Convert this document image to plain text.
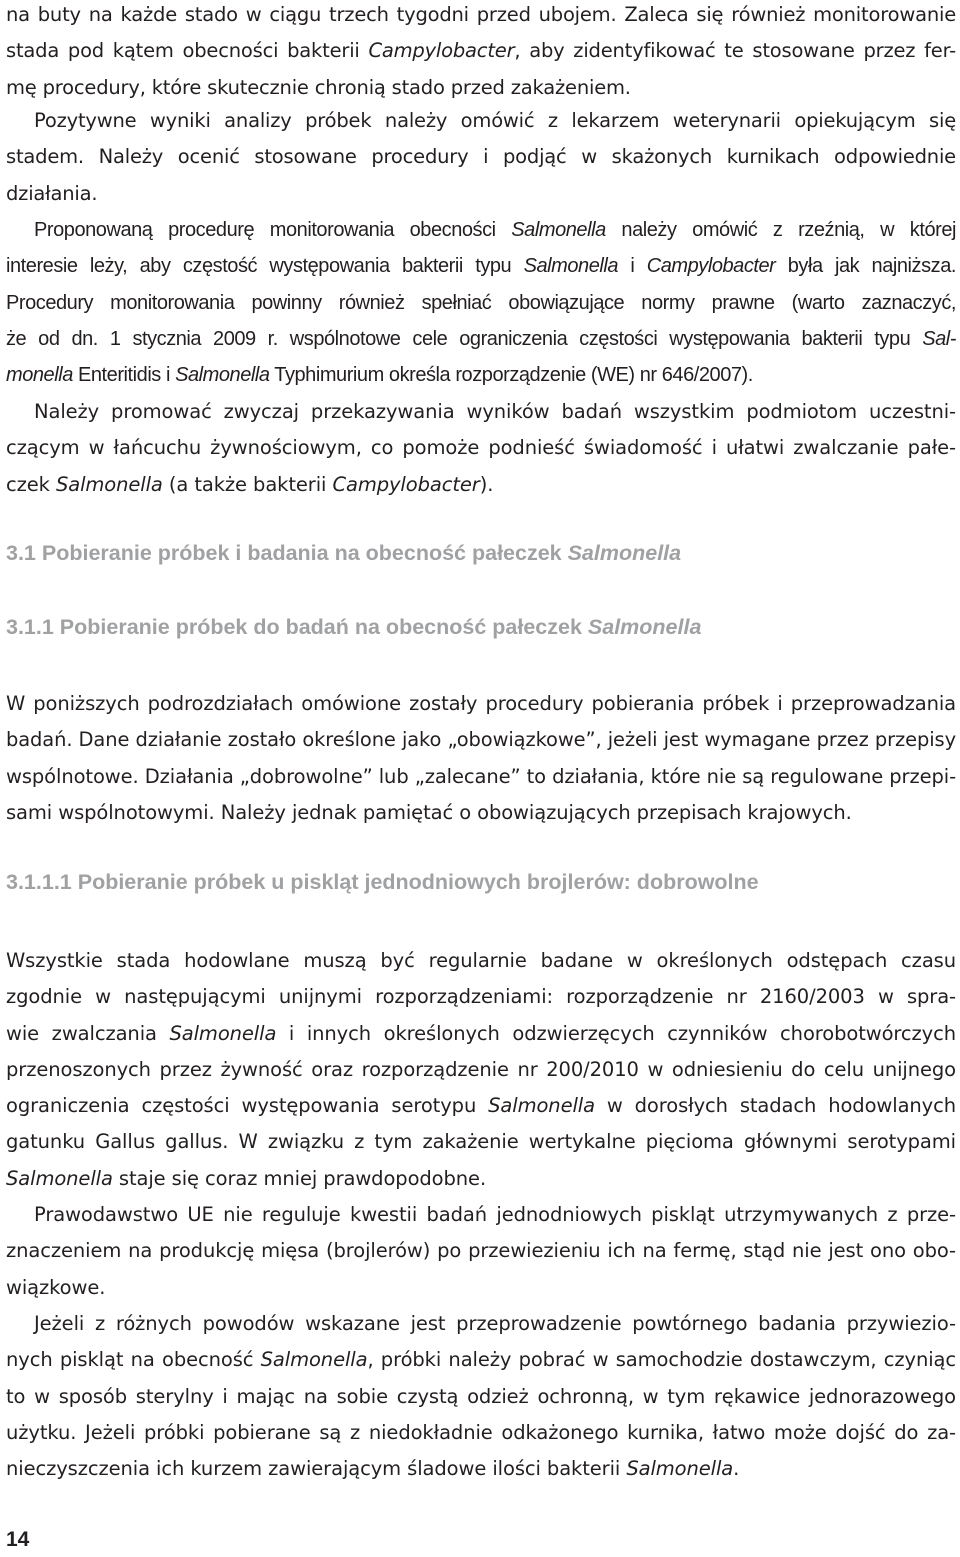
na buty na każde stado w ciągu trzech tygodni przed ubojem. Zaleca się również monitorowanie
stada pod kątem obecności bakterii Campylobacter, aby zidentyfikować te stosowane przez fer-
mę procedury, które skutecznie chronią stado przed zakażeniem.
Pozytywne wyniki analizy próbek należy omówić z lekarzem weterynarii opiekującym się
stadem. Należy ocenić stosowane procedury i podjąć w skażonych kurnikach odpowiednie
działania.
Proponowaną procedurę monitorowania obecności Salmonella należy omówić z rzeźnią, w której
interesie leży, aby częstość występowania bakterii typu Salmonella i Campylobacter była jak najniższa.
Procedury monitorowania powinny również spełniać obowiązujące normy prawne (warto zaznaczyć,
że od dn. 1 stycznia 2009 r. wspólnotowe cele ograniczenia częstości występowania bakterii typu Sal-
monella Enteritidis i Salmonella Typhimurium określa rozporządzenie (WE) nr 646/2007).
Należy promować zwyczaj przekazywania wyników badań wszystkim podmiotom uczestni-
czącym w łańcuchu żywnościowym, co pomoże podnieść świadomość i ułatwi zwalczanie pałe-
czek Salmonella (a także bakterii Campylobacter).
3.1 Pobieranie próbek i badania na obecność pałeczek Salmonella
3.1.1 Pobieranie próbek do badań na obecność pałeczek Salmonella
W poniższych podrozdziałach omówione zostały procedury pobierania próbek i przeprowadzania
badań. Dane działanie zostało określone jako „obowiązkowe”, jeżeli jest wymagane przez przepisy
wspólnotowe. Działania „dobrowolne” lub „zalecane” to działania, które nie są regulowane przepi-
sami wspólnotowymi. Należy jednak pamiętać o obowiązujących przepisach krajowych.
3.1.1.1 Pobieranie próbek u piskląt jednodniowych brojlerów: dobrowolne
Wszystkie stada hodowlane muszą być regularnie badane w określonych odstępach czasu
zgodnie w następującymi unijnymi rozporządzeniami: rozporządzenie nr 2160/2003 w spra-
wie zwalczania Salmonella i innych określonych odzwierzęcych czynników chorobotwórczych
przenoszonych przez żywność oraz rozporządzenie nr 200/2010 w odniesieniu do celu unijnego
ograniczenia częstości występowania serotypu Salmonella w dorosłych stadach hodowlanych
gatunku Gallus gallus. W związku z tym zakażenie wertykalne pięcioma głównymi serotypami
Salmonella staje się coraz mniej prawdopodobne.
Prawodawstwo UE nie reguluje kwestii badań jednodniowych piskląt utrzymywanych z prze-
znaczeniem na produkcję mięsa (brojlerów) po przewiezieniu ich na fermę, stąd nie jest ono obo-
wiązkowe.
Jeżeli z różnych powodów wskazane jest przeprowadzenie powtórnego badania przywiezio-
nych piskląt na obecność Salmonella, próbki należy pobrać w samochodzie dostawczym, czyniąc
to w sposób sterylny i mając na sobie czystą odzież ochronną, w tym rękawice jednorazowego
użytku. Jeżeli próbki pobierane są z niedokładnie odkażonego kurnika, łatwo może dojść do za-
nieczyszczenia ich kurzem zawierającym śladowe ilości bakterii Salmonella.
14
